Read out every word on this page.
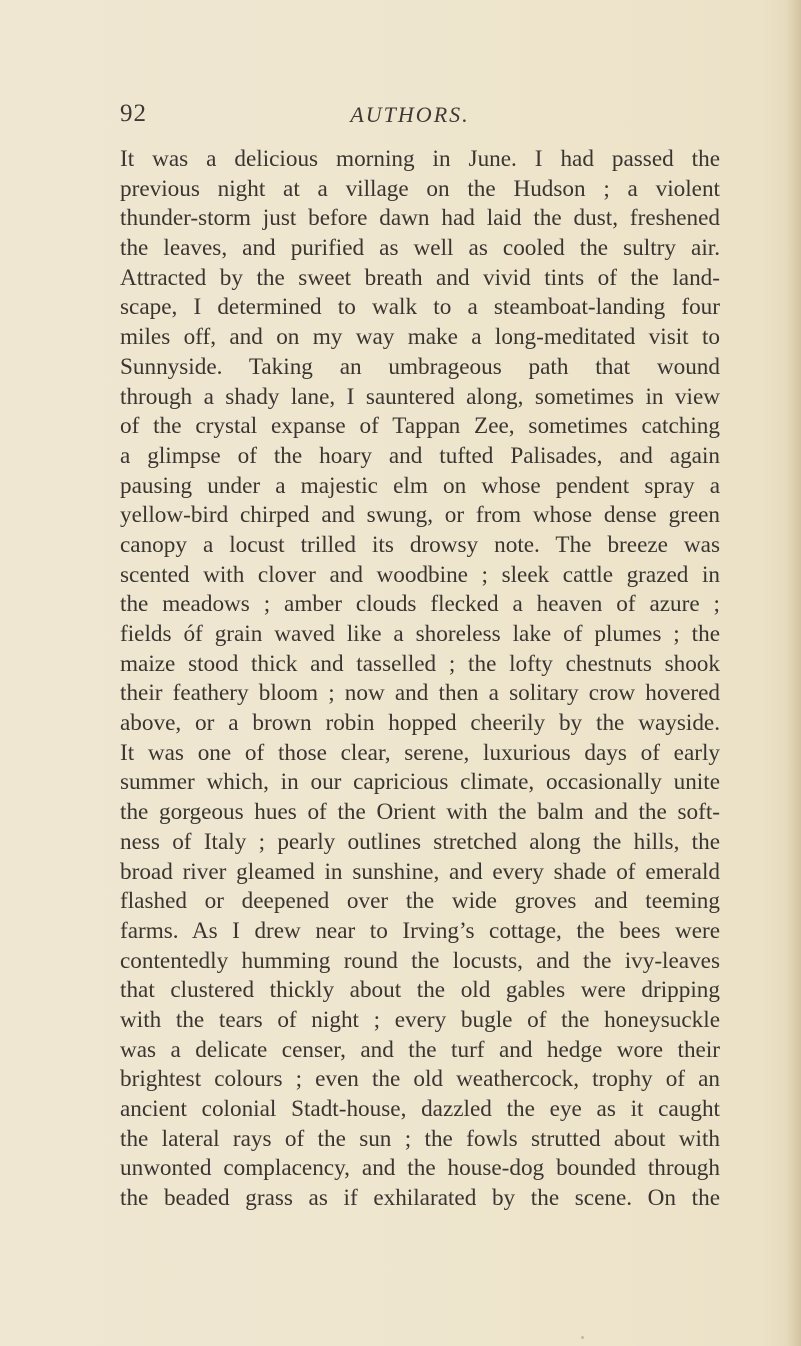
92	AUTHORS.
It was a delicious morning in June. I had passed the
previous night at a village on the Hudson ; a violent
thunder-storm just before dawn had laid the dust, freshened
the leaves, and purified as well as cooled the sultry air.
Attracted by the sweet breath and vivid tints of the land-
scape, I determined to walk to a steamboat-landing four
miles off, and on my way make a long-meditated visit to
Sunnyside. Taking an umbrageous path that wound
through a shady lane, I sauntered along, sometimes in view
of the crystal expanse of Tappan Zee, sometimes catching
a glimpse of the hoary and tufted Palisades, and again
pausing under a majestic elm on whose pendent spray a
yellow-bird chirped and swung, or from whose dense green
canopy a locust trilled its drowsy note. The breeze was
scented with clover and woodbine ; sleek cattle grazed in
the meadows ; amber clouds flecked a heaven of azure ;
fields óf grain waved like a shoreless lake of plumes ; the
maize stood thick and tasselled ; the lofty chestnuts shook
their feathery bloom ; now and then a solitary crow hovered
above, or a brown robin hopped cheerily by the wayside.
It was one of those clear, serene, luxurious days of early
summer which, in our capricious climate, occasionally unite
the gorgeous hues of the Orient with the balm and the soft-
ness of Italy ; pearly outlines stretched along the hills, the
broad river gleamed in sunshine, and every shade of emerald
flashed or deepened over the wide groves and teeming
farms. As I drew near to Irving’s cottage, the bees were
contentedly humming round the locusts, and the ivy-leaves
that clustered thickly about the old gables were dripping
with the tears of night ; every bugle of the honeysuckle
was a delicate censer, and the turf and hedge wore their
brightest colours ; even the old weathercock, trophy of an
ancient colonial Stadt-house, dazzled the eye as it caught
the lateral rays of the sun ; the fowls strutted about with
unwonted complacency, and the house-dog bounded through
the beaded grass as if exhilarated by the scene. On the
